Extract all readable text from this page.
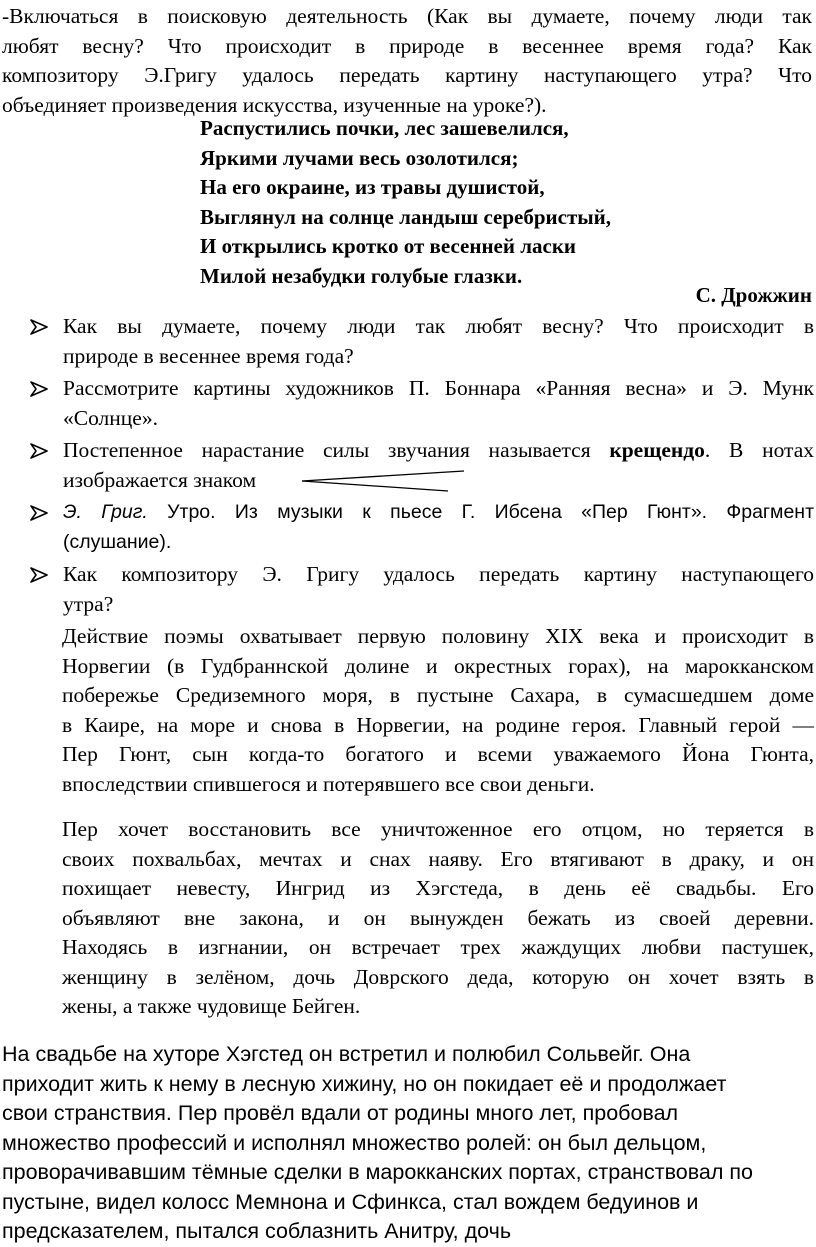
-Включаться в поисковую деятельность (Как вы думаете, почему люди так
любят весну? Что происходит в природе в весеннее время года? Как
композитору Э.Григу удалось передать картину наступающего утра? Что
объединяет произведения искусства, изученные на уроке?).
Распустились почки, лес зашевелился,
Яркими лучами весь озолотился;
На его окраине, из травы душистой,
Выглянул на солнце ландыш серебристый,
И открылись кротко от весенней ласки
Милой незабудки голубые глазки.
С. Дрожжин
Как вы думаете, почему люди так любят весну? Что происходит в
природе в весеннее время года?
Рассмотрите картины художников П. Боннара «Ранняя весна» и Э. Мунк
«Солнце».
Постепенное нарастание силы звучания называется крещендо. В нотах
изображается знаком
Э. Григ. Утро. Из музыки к пьесе Г. Ибсена «Пер Гюнт». Фрагмент
(слушание).
Как композитору Э. Григу удалось передать картину наступающего
утра?
Действие поэмы охватывает первую половину XIX века и происходит в
Норвегии (в Гудбраннской долине и окрестных горах), на марокканском
побережье Средиземного моря, в пустыне Сахара, в сумасшедшем доме
в Каире, на море и снова в Норвегии, на родине героя. Главный герой —
Пер Гюнт, сын когда-то богатого и всеми уважаемого Йона Гюнта,
впоследствии спившегося и потерявшего все свои деньги.
Пер хочет восстановить все уничтоженное его отцом, но теряется в
своих похвальбах, мечтах и снах наяву. Его втягивают в драку, и он
похищает невесту, Ингрид из Хэгстеда, в день её свадьбы. Его
объявляют вне закона, и он вынужден бежать из своей деревни.
Находясь в изгнании, он встречает трех жаждущих любви пастушек,
женщину в зелёном, дочь Доврского деда, которую он хочет взять в
жены, а также чудовище Бейген.
На свадьбе на хуторе Хэгстед он встретил и полюбил Сольвейг. Она
приходит жить к нему в лесную хижину, но он покидает её и продолжает
свои странствия. Пер провёл вдали от родины много лет, пробовал
множество профессий и исполнял множество ролей: он был дельцом,
проворачивавшим тёмные сделки в марокканских портах, странствовал по
пустыне, видел колосс Мемнона и Сфинкса, стал вождем бедуинов и
предсказателем, пытался соблазнить Анитру, дочь
